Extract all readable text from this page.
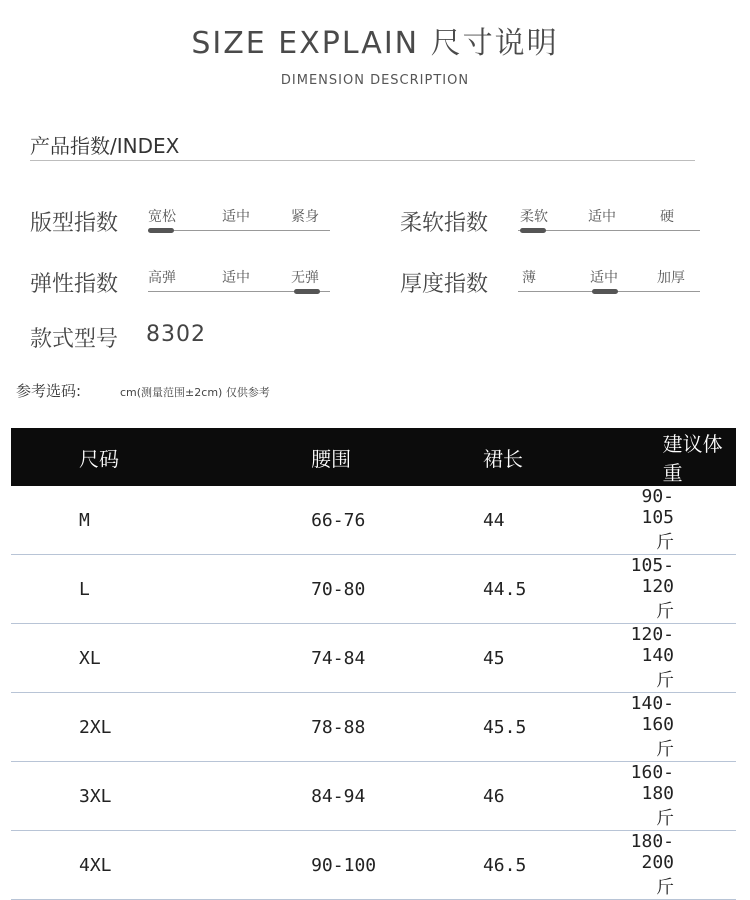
SIZE EXPLAIN 尺寸说明
DIMENSION DESCRIPTION
产品指数/INDEX
版型指数 宽松	适中	紧身	柔软指数 柔软	适中	硬
弹性指数 高弹	适中	无弹	厚度指数 薄	适中	加厚
款式型号 8302
参考选码:	cm(测量范围±2cm) 仅供参考
尺码	腰围	裙长	建议体重
M	66-76	44	90-105斤
L	70-80	44.5	105-120斤
XL	74-84	45	120-140斤
2XL	78-88	45.5	140-160斤
3XL	84-94	46	160-180斤
4XL	90-100	46.5	180-200斤
